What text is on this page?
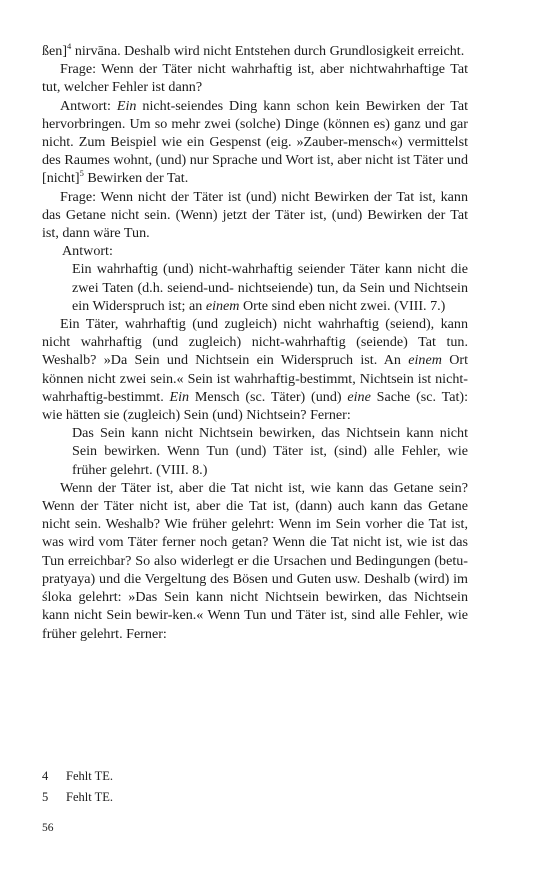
ßen]$^4$ nirvāna. Deshalb wird nicht Entstehen durch Grundlosigkeit erreicht.

Frage: Wenn der Täter nicht wahrhaftig ist, aber nichtwahrhaftige Tat tut, welcher Fehler ist dann?

Antwort: Ein nicht-seiendes Ding kann schon kein Bewirken der Tat hervorbringen. Um so mehr zwei (solche) Dinge (können es) ganz und gar nicht. Zum Beispiel wie ein Gespenst (eig. »Zauber-mensch«) vermittelst des Raumes wohnt, (und) nur Sprache und Wort ist, aber nicht ist Täter und [nicht]$^5$ Bewirken der Tat.

Frage: Wenn nicht der Täter ist (und) nicht Bewirken der Tat ist, kann das Getane nicht sein. (Wenn) jetzt der Täter ist, (und) Bewirken der Tat ist, dann wäre Tun.

Antwort:

Ein wahrhaftig (und) nicht-wahrhaftig seiender Täter kann nicht die zwei Taten (d.h. seiend-und- nichtseiende) tun, da Sein und Nichtsein ein Widerspruch ist; an einem Orte sind eben nicht zwei. (VIII. 7.)

Ein Täter, wahrhaftig (und zugleich) nicht wahrhaftig (seiend), kann nicht wahrhaftig (und zugleich) nicht-wahrhaftig (seiende) Tat tun. Weshalb? »Da Sein und Nichtsein ein Widerspruch ist. An einem Ort können nicht zwei sein.« Sein ist wahrhaftig-bestimmt, Nichtsein ist nicht-wahrhaftig-bestimmt. Ein Mensch (sc. Täter) (und) eine Sache (sc. Tat): wie hätten sie (zugleich) Sein (und) Nichtsein? Ferner:

Das Sein kann nicht Nichtsein bewirken, das Nichtsein kann nicht Sein bewirken. Wenn Tun (und) Täter ist, (sind) alle Fehler, wie früher gelehrt. (VIII. 8.)

Wenn der Täter ist, aber die Tat nicht ist, wie kann das Getane sein? Wenn der Täter nicht ist, aber die Tat ist, (dann) auch kann das Getane nicht sein. Weshalb? Wie früher gelehrt: Wenn im Sein vorher die Tat ist, was wird vom Täter ferner noch getan? Wenn die Tat nicht ist, wie ist das Tun erreichbar? So also widerlegt er die Ursachen und Bedingungen (betu-pratyaya) und die Vergeltung des Bösen und Guten usw. Deshalb (wird) im śloka gelehrt: »Das Sein kann nicht Nichtsein bewirken, das Nichtsein kann nicht Sein bewir-ken.« Wenn Tun und Täter ist, sind alle Fehler, wie früher gelehrt. Ferner:

4 Fehlt TE.
5 Fehlt TE.
56
